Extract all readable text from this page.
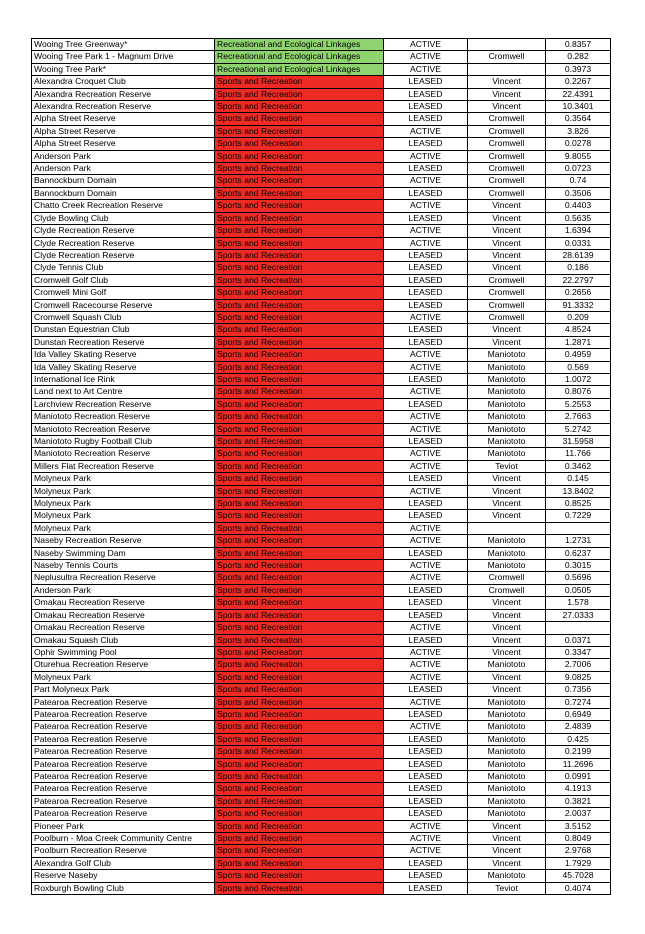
Wooing Tree Greenway*	Recreational and Ecological Linkages	ACTIVE		0.8357
Wooing Tree Park 1 - Magnum Drive	Recreational and Ecological Linkages	ACTIVE	Cromwell	0.282
Wooing Tree Park*	Recreational and Ecological Linkages	ACTIVE		0.3973
Alexandra Croquet Club	Sports and Recreation	LEASED	Vincent	0.2267
Alexandra Recreation Reserve	Sports and Recreation	LEASED	Vincent	22.4391
Alexandra Recreation Reserve	Sports and Recreation	LEASED	Vincent	10.3401
Alpha Street Reserve	Sports and Recreation	LEASED	Cromwell	0.3564
Alpha Street Reserve	Sports and Recreation	ACTIVE	Cromwell	3.826
Alpha Street Reserve	Sports and Recreation	LEASED	Cromwell	0.0278
Anderson Park	Sports and Recreation	ACTIVE	Cromwell	9.8055
Anderson Park	Sports and Recreation	LEASED	Cromwell	0.0723
Bannockburn Domain	Sports and Recreation	ACTIVE	Cromwell	0.74
Bannockburn Domain	Sports and Recreation	LEASED	Cromwell	0.3506
Chatto Creek Recreation Reserve	Sports and Recreation	ACTIVE	Vincent	0.4403
Clyde Bowling Club	Sports and Recreation	LEASED	Vincent	0.5635
Clyde Recreation Reserve	Sports and Recreation	ACTIVE	Vincent	1.6394
Clyde Recreation Reserve	Sports and Recreation	ACTIVE	Vincent	0.0331
Clyde Recreation Reserve	Sports and Recreation	LEASED	Vincent	28.6139
Clyde Tennis Club	Sports and Recreation	LEASED	Vincent	0.186
Cromwell Golf Club	Sports and Recreation	LEASED	Cromwell	22.2797
Cromwell Mini Golf	Sports and Recreation	LEASED	Cromwell	0.2656
Cromwell Racecourse Reserve	Sports and Recreation	LEASED	Cromwell	91.3332
Cromwell Squash Club	Sports and Recreation	ACTIVE	Cromwell	0.209
Dunstan Equestrian Club	Sports and Recreation	LEASED	Vincent	4.8524
Dunstan Recreation Reserve	Sports and Recreation	LEASED	Vincent	1.2871
Ida Valley Skating Reserve	Sports and Recreation	ACTIVE	Maniototo	0.4959
Ida Valley Skating Reserve	Sports and Recreation	ACTIVE	Maniototo	0.569
International Ice Rink	Sports and Recreation	LEASED	Maniototo	1.0072
Land next to Art Centre	Sports and Recreation	ACTIVE	Maniototo	0.8076
Larchview Recreation Reserve	Sports and Recreation	LEASED	Maniototo	5.2553
Maniototo Recreation Reserve	Sports and Recreation	ACTIVE	Maniototo	2.7663
Maniototo Recreation Reserve	Sports and Recreation	ACTIVE	Maniototo	5.2742
Maniototo Rugby Football Club	Sports and Recreation	LEASED	Maniototo	31.5958
Maniototo Recreation Reserve	Sports and Recreation	ACTIVE	Maniototo	11.766
Millers Flat Recreation Reserve	Sports and Recreation	ACTIVE	Teviot	0.3462
Molyneux Park	Sports and Recreation	LEASED	Vincent	0.145
Molyneux Park	Sports and Recreation	ACTIVE	Vincent	13.8402
Molyneux Park	Sports and Recreation	LEASED	Vincent	0.8525
Molyneux Park	Sports and Recreation	LEASED	Vincent	0.7229
Molyneux Park	Sports and Recreation	ACTIVE		
Naseby Recreation Reserve	Sports and Recreation	ACTIVE	Maniototo	1.2731
Naseby Swimming Dam	Sports and Recreation	LEASED	Maniototo	0.6237
Naseby Tennis Courts	Sports and Recreation	ACTIVE	Maniototo	0.3015
Neplusultra Recreation Reserve	Sports and Recreation	ACTIVE	Cromwell	0.5696
Anderson Park	Sports and Recreation	LEASED	Cromwell	0.0505
Omakau Recreation Reserve	Sports and Recreation	LEASED	Vincent	1.578
Omakau Recreation Reserve	Sports and Recreation	LEASED	Vincent	27.0333
Omakau Recreation Reserve	Sports and Recreation	ACTIVE	Vincent	
Omakau Squash Club	Sports and Recreation	LEASED	Vincent	0.0371
Ophir Swimming Pool	Sports and Recreation	ACTIVE	Vincent	0.3347
Oturehua Recreation Reserve	Sports and Recreation	ACTIVE	Maniototo	2.7006
Molyneux Park	Sports and Recreation	ACTIVE	Vincent	9.0825
Part Molyneux Park	Sports and Recreation	LEASED	Vincent	0.7356
Patearoa Recreation Reserve	Sports and Recreation	ACTIVE	Maniototo	0.7274
Patearoa Recreation Reserve	Sports and Recreation	LEASED	Maniototo	0.6949
Patearoa Recreation Reserve	Sports and Recreation	ACTIVE	Maniototo	2.4839
Patearoa Recreation Reserve	Sports and Recreation	LEASED	Maniototo	0.425
Patearoa Recreation Reserve	Sports and Recreation	LEASED	Maniototo	0.2199
Patearoa Recreation Reserve	Sports and Recreation	LEASED	Maniototo	11.2696
Patearoa Recreation Reserve	Sports and Recreation	LEASED	Maniototo	0.0991
Patearoa Recreation Reserve	Sports and Recreation	LEASED	Maniototo	4.1913
Patearoa Recreation Reserve	Sports and Recreation	LEASED	Maniototo	0.3821
Patearoa Recreation Reserve	Sports and Recreation	LEASED	Maniototo	2.0037
Pioneer Park	Sports and Recreation	ACTIVE	Vincent	3.5152
Poolburn - Moa Creek Community Centre	Sports and Recreation	ACTIVE	Vincent	0.8049
Poolburn Recreation Reserve	Sports and Recreation	ACTIVE	Vincent	2.9768
Alexandra Golf Club	Sports and Recreation	LEASED	Vincent	1.7929
Reserve Naseby	Sports and Recreation	LEASED	Maniototo	45.7028
Roxburgh Bowling Club	Sports and Recreation	LEASED	Teviot	0.4074
